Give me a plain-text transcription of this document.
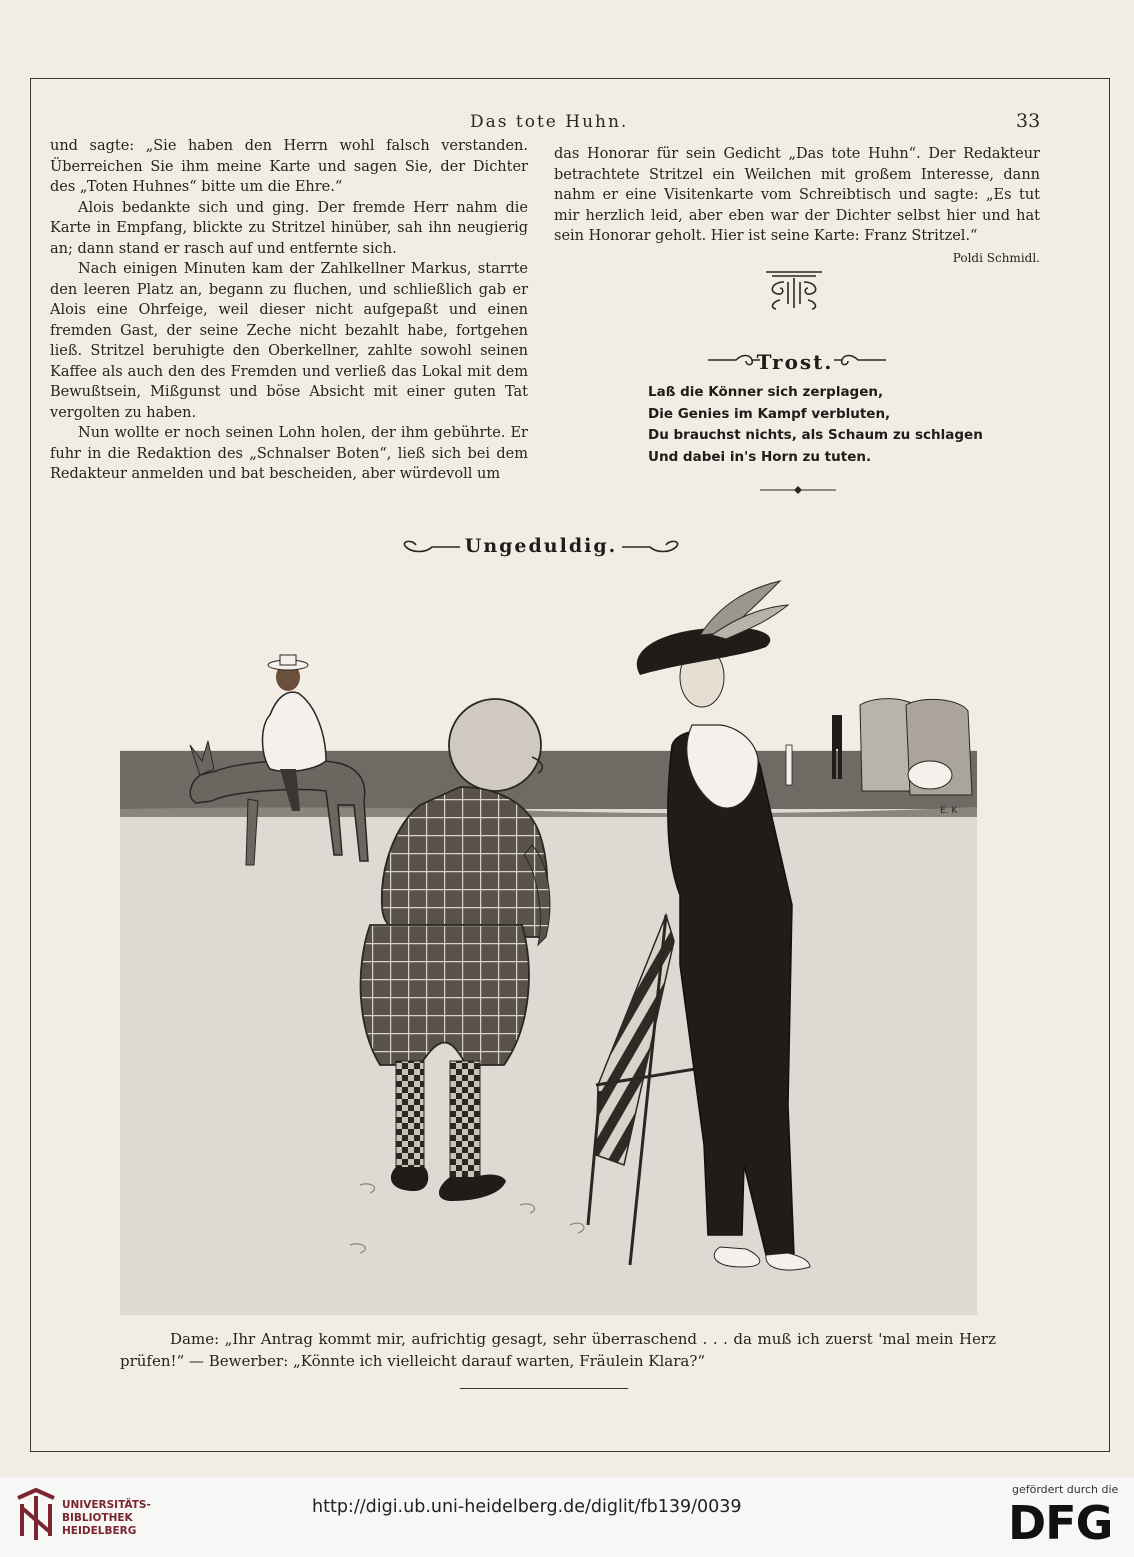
Das tote Huhn.	33

und sagte: „Sie haben den Herrn wohl falsch verstanden. Überreichen Sie ihm meine Karte und sagen Sie, der Dichter des „Toten Huhnes“ bitte um die Ehre.“

Alois bedankte sich und ging. Der fremde Herr nahm die Karte in Empfang, blickte zu Stritzel hinüber, sah ihn neugierig an; dann stand er rasch auf und entfernte sich.

Nach einigen Minuten kam der Zahlkellner Markus, starrte den leeren Platz an, begann zu fluchen, und schließlich gab er Alois eine Ohrfeige, weil dieser nicht aufgepaßt und einen fremden Gast, der seine Zeche nicht bezahlt habe, fortgehen ließ. Stritzel beruhigte den Oberkellner, zahlte sowohl seinen Kaffee als auch den des Fremden und verließ das Lokal mit dem Bewußtsein, Mißgunst und böse Absicht mit einer guten Tat vergolten zu haben.

Nun wollte er noch seinen Lohn holen, der ihm gebührte. Er fuhr in die Redaktion des „Schnalser Boten“, ließ sich bei dem Redakteur anmelden und bat bescheiden, aber würdevoll um

das Honorar für sein Gedicht „Das tote Huhn“. Der Redakteur betrachtete Stritzel ein Weilchen mit großem Interesse, dann nahm er eine Visitenkarte vom Schreibtisch und sagte: „Es tut mir herzlich leid, aber eben war der Dichter selbst hier und hat sein Honorar geholt. Hier ist seine Karte: Franz Stritzel.“

Poldi Schmidl.
Trost.
Laß die Könner sich zerplagen,
Die Genies im Kampf verbluten,
Du brauchst nichts, als Schaum zu schlagen
Und dabei in's Horn zu tuten.
Ungeduldig.
E. K
Dame: „Ihr Antrag kommt mir, aufrichtig gesagt, sehr überraschend . . . da muß ich zuerst 'mal mein Herz prüfen!“ — Bewerber: „Könnte ich vielleicht darauf warten, Fräulein Klara?“
UNIVERSITÄTS-
BIBLIOTHEK
HEIDELBERG
http://digi.ub.uni-heidelberg.de/diglit/fb139/0039
gefördert durch die
DFG
